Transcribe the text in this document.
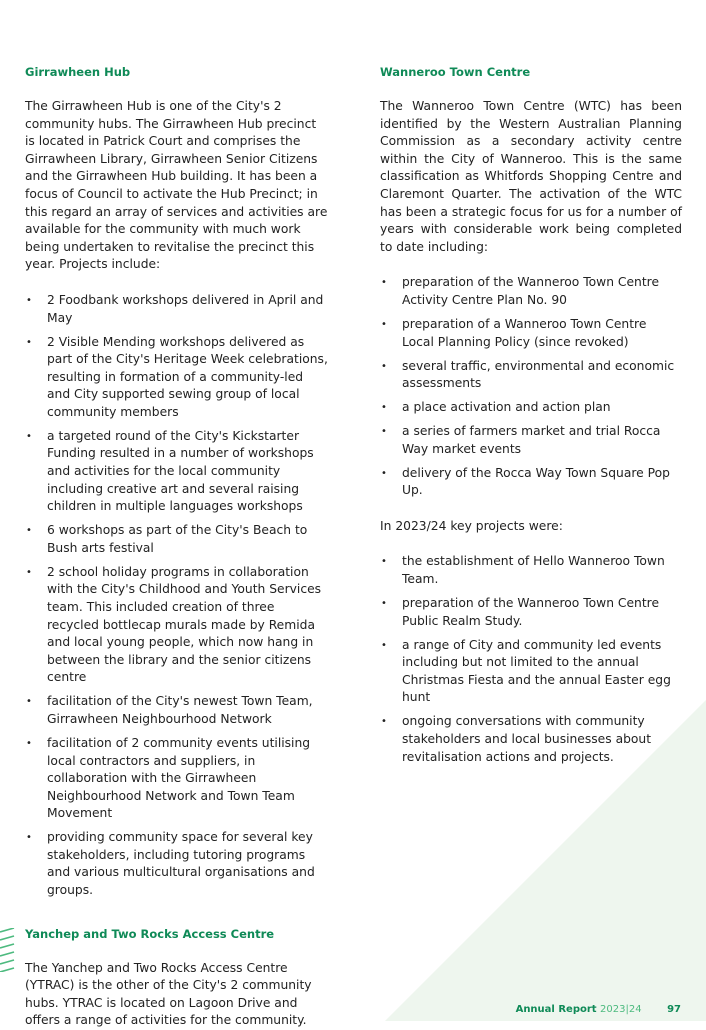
Girrawheen Hub

The Girrawheen Hub is one of the City's 2 community hubs. The Girrawheen Hub precinct is located in Patrick Court and comprises the Girrawheen Library, Girrawheen Senior Citizens and the Girrawheen Hub building. It has been a focus of Council to activate the Hub Precinct; in this regard an array of services and activities are available for the community with much work being undertaken to revitalise the precinct this year. Projects include:

• 2 Foodbank workshops delivered in April and May
• 2 Visible Mending workshops delivered as part of the City's Heritage Week celebrations, resulting in formation of a community-led and City supported sewing group of local community members
• a targeted round of the City's Kickstarter Funding resulted in a number of workshops and activities for the local community including creative art and several raising children in multiple languages workshops
• 6 workshops as part of the City's Beach to Bush arts festival
• 2 school holiday programs in collaboration with the City's Childhood and Youth Services team. This included creation of three recycled bottlecap murals made by Remida and local young people, which now hang in between the library and the senior citizens centre
• facilitation of the City's newest Town Team, Girrawheen Neighbourhood Network
• facilitation of 2 community events utilising local contractors and suppliers, in collaboration with the Girrawheen Neighbourhood Network and Town Team Movement
• providing community space for several key stakeholders, including tutoring programs and various multicultural organisations and groups.
Yanchep and Two Rocks Access Centre

The Yanchep and Two Rocks Access Centre (YTRAC) is the other of the City's 2 community hubs. YTRAC is located on Lagoon Drive and offers a range of activities for the community.

Wanneroo Town Centre

The Wanneroo Town Centre (WTC) has been identified by the Western Australian Planning Commission as a secondary activity centre within the City of Wanneroo. This is the same classification as Whitfords Shopping Centre and Claremont Quarter. The activation of the WTC has been a strategic focus for us for a number of years with considerable work being completed to date including:

• preparation of the Wanneroo Town Centre Activity Centre Plan No. 90
• preparation of a Wanneroo Town Centre Local Planning Policy (since revoked)
• several traffic, environmental and economic assessments
• a place activation and action plan
• a series of farmers market and trial Rocca Way market events
• delivery of the Rocca Way Town Square Pop Up.

In 2023/24 key projects were:

• the establishment of Hello Wanneroo Town Team.
• preparation of the Wanneroo Town Centre Public Realm Study.
• a range of City and community led events including but not limited to the annual Christmas Fiesta and the annual Easter egg hunt
• ongoing conversations with community stakeholders and local businesses about revitalisation actions and projects.
Annual Report 2023|24	97
